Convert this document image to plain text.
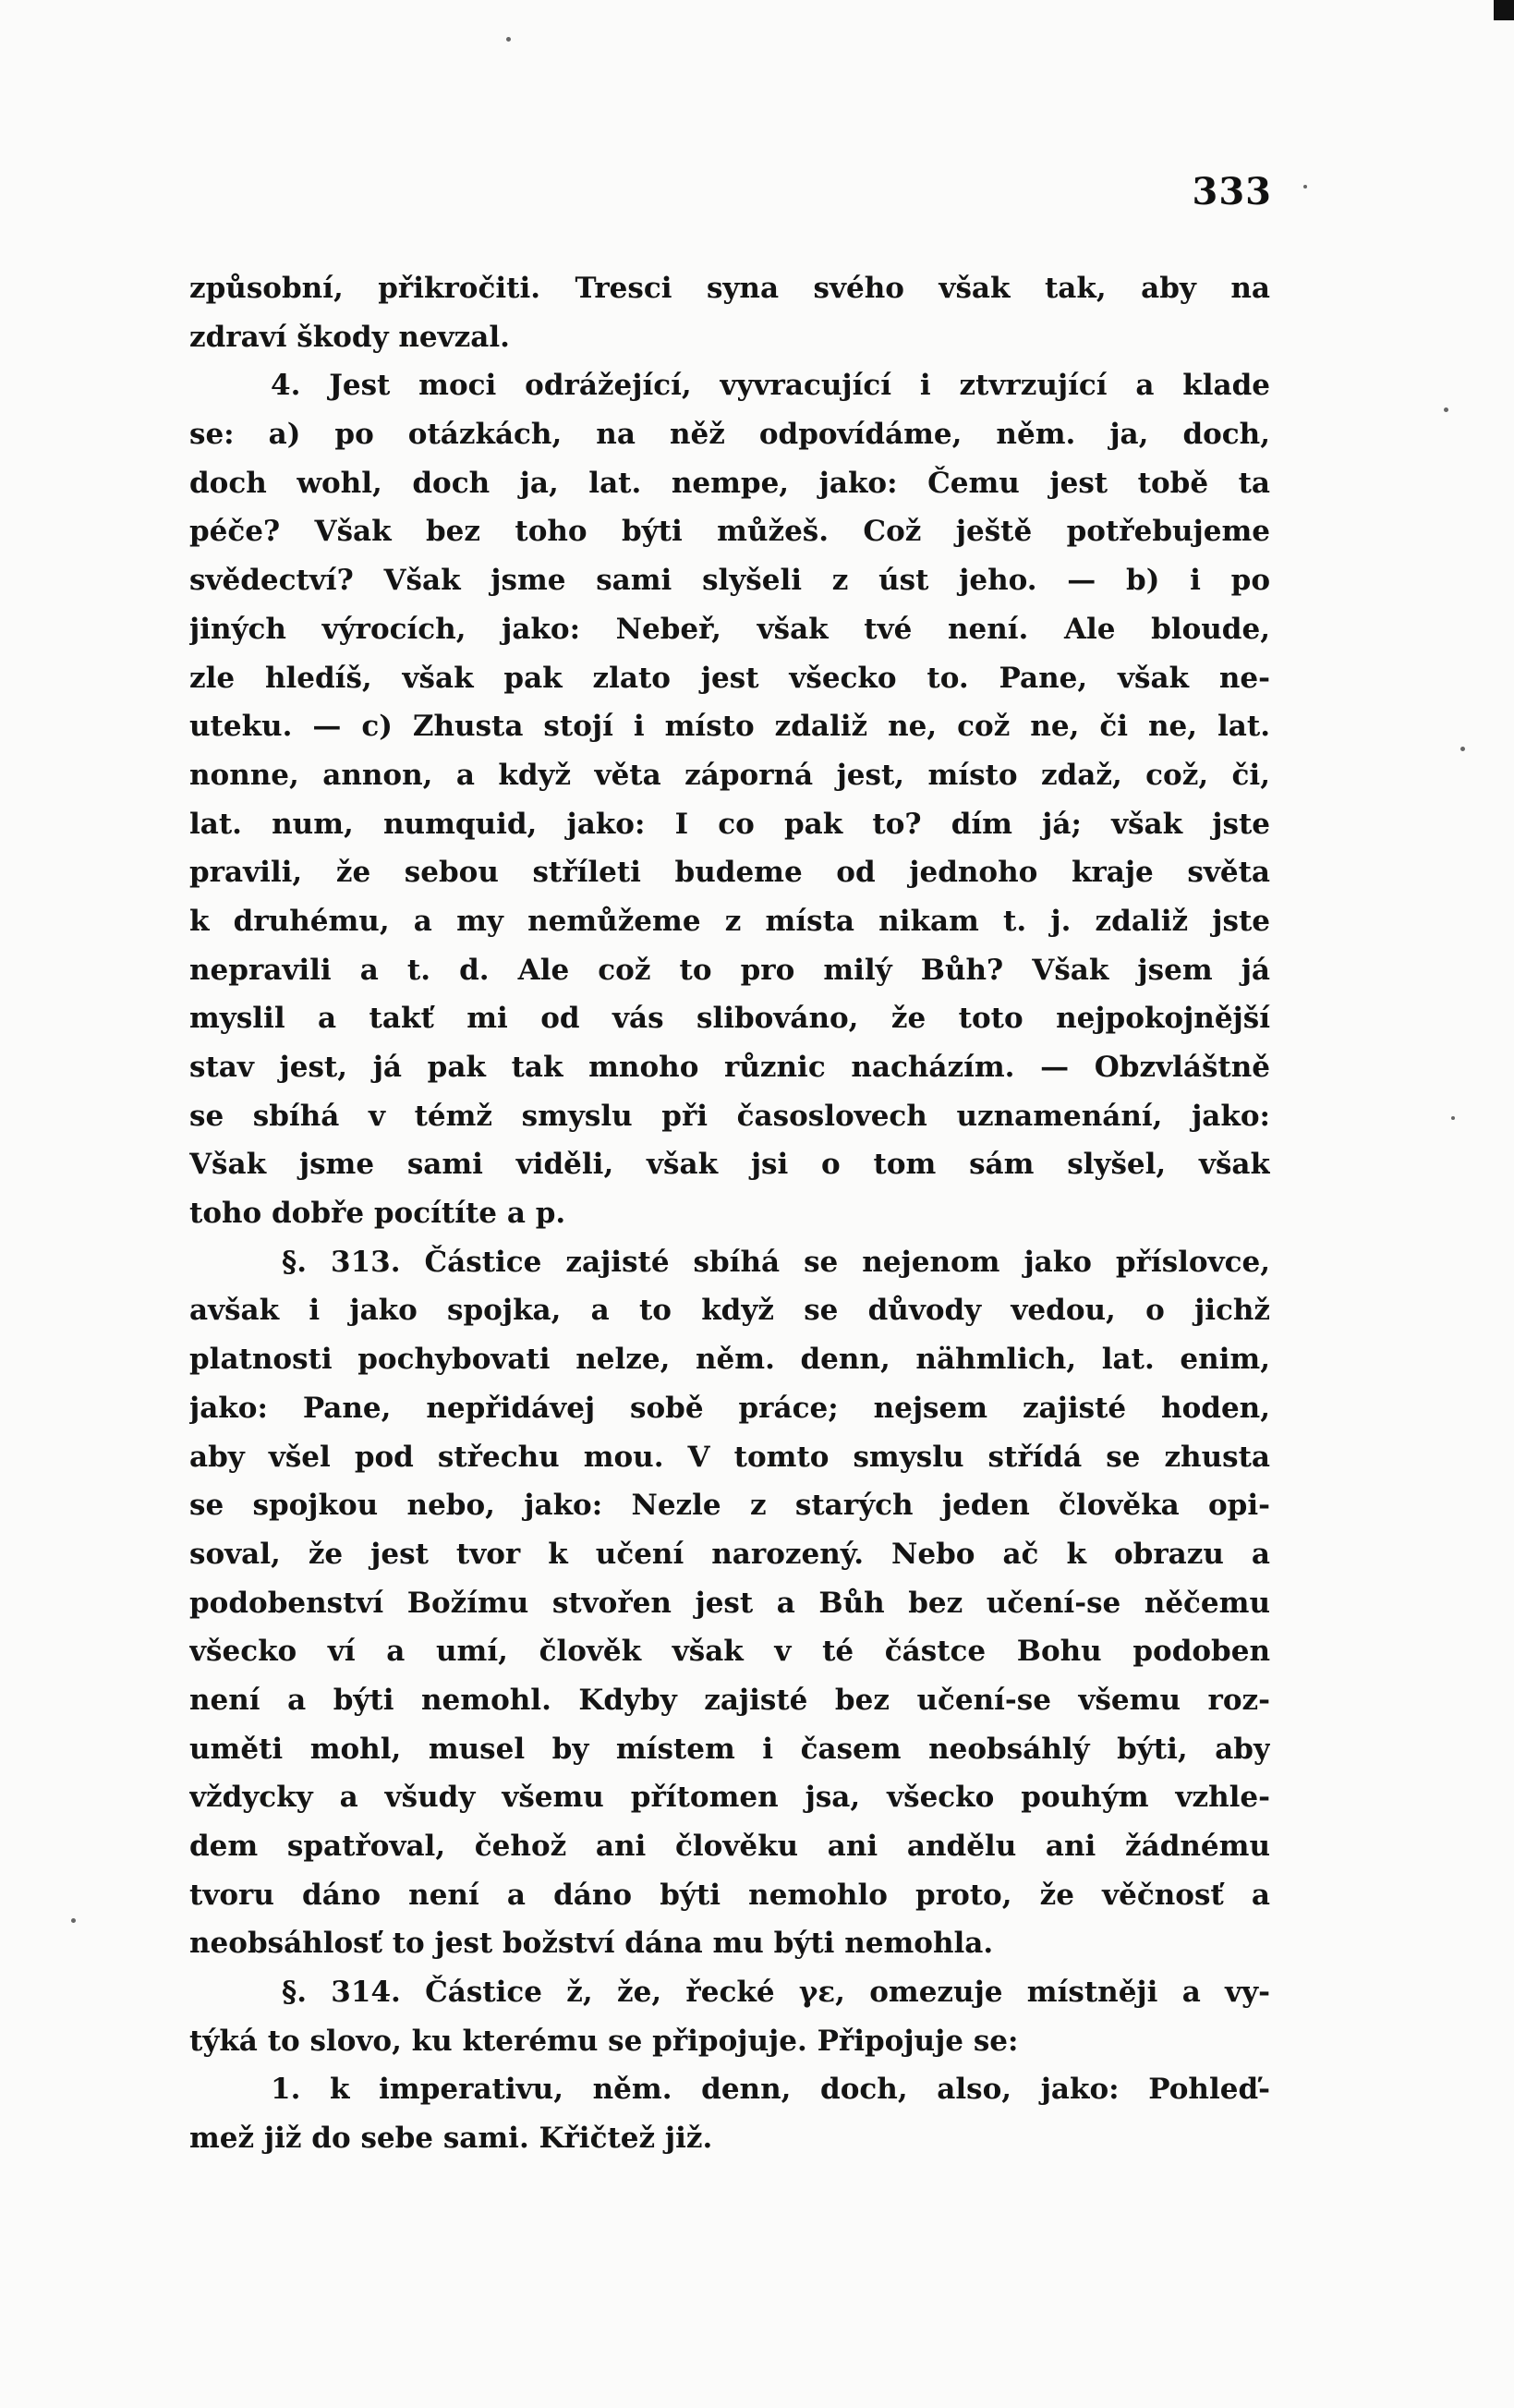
333
způsobní, přikročiti. Tresci syna svého však tak, aby na
zdraví škody nevzal.
4. Jest moci odrážející, vyvracující i ztvrzující a klade
se: a) po otázkách, na něž odpovídáme, něm. ja, doch,
doch wohl, doch ja, lat. nempe, jako: Čemu jest tobě ta
péče? Však bez toho býti můžeš. Což ještě potřebujeme
svědectví? Však jsme sami slyšeli z úst jeho. — b) i po
jiných výrocích, jako: Nebeř, však tvé není. Ale bloude,
zle hledíš, však pak zlato jest všecko to. Pane, však ne-
uteku. — c) Zhusta stojí i místo zdaliž ne, což ne, či ne, lat.
nonne, annon, a když věta záporná jest, místo zdaž, což, či,
lat. num, numquid, jako: I co pak to? dím já; však jste
pravili, že sebou stříleti budeme od jednoho kraje světa
k druhému, a my nemůžeme z místa nikam t. j. zdaliž jste
nepravili a t. d. Ale což to pro milý Bůh? Však jsem já
myslil a takť mi od vás slibováno, že toto nejpokojnější
stav jest, já pak tak mnoho různic nacházím. — Obzvláštně
se sbíhá v témž smyslu při časoslovech uznamenání, jako:
Však jsme sami viděli, však jsi o tom sám slyšel, však
toho dobře pocítíte a p.
§. 313. Částice zajisté sbíhá se nejenom jako příslovce,
avšak i jako spojka, a to když se důvody vedou, o jichž
platnosti pochybovati nelze, něm. denn, nähmlich, lat. enim,
jako: Pane, nepřidávej sobě práce; nejsem zajisté hoden,
aby všel pod střechu mou. V tomto smyslu střídá se zhusta
se spojkou nebo, jako: Nezle z starých jeden člověka opi-
soval, že jest tvor k učení narozený. Nebo ač k obrazu a
podobenství Božímu stvořen jest a Bůh bez učení-se něčemu
všecko ví a umí, člověk však v té částce Bohu podoben
není a býti nemohl. Kdyby zajisté bez učení-se všemu roz-
uměti mohl, musel by místem i časem neobsáhlý býti, aby
vždycky a všudy všemu přítomen jsa, všecko pouhým vzhle-
dem spatřoval, čehož ani člověku ani andělu ani žádnému
tvoru dáno není a dáno býti nemohlo proto, že věčnosť a
neobsáhlosť to jest božství dána mu býti nemohla.
§. 314. Částice ž, že, řecké γε, omezuje místněji a vy-
týká to slovo, ku kterému se připojuje. Připojuje se:
1. k imperativu, něm. denn, doch, also, jako: Pohleď-
mež již do sebe sami. Křičtež již.
